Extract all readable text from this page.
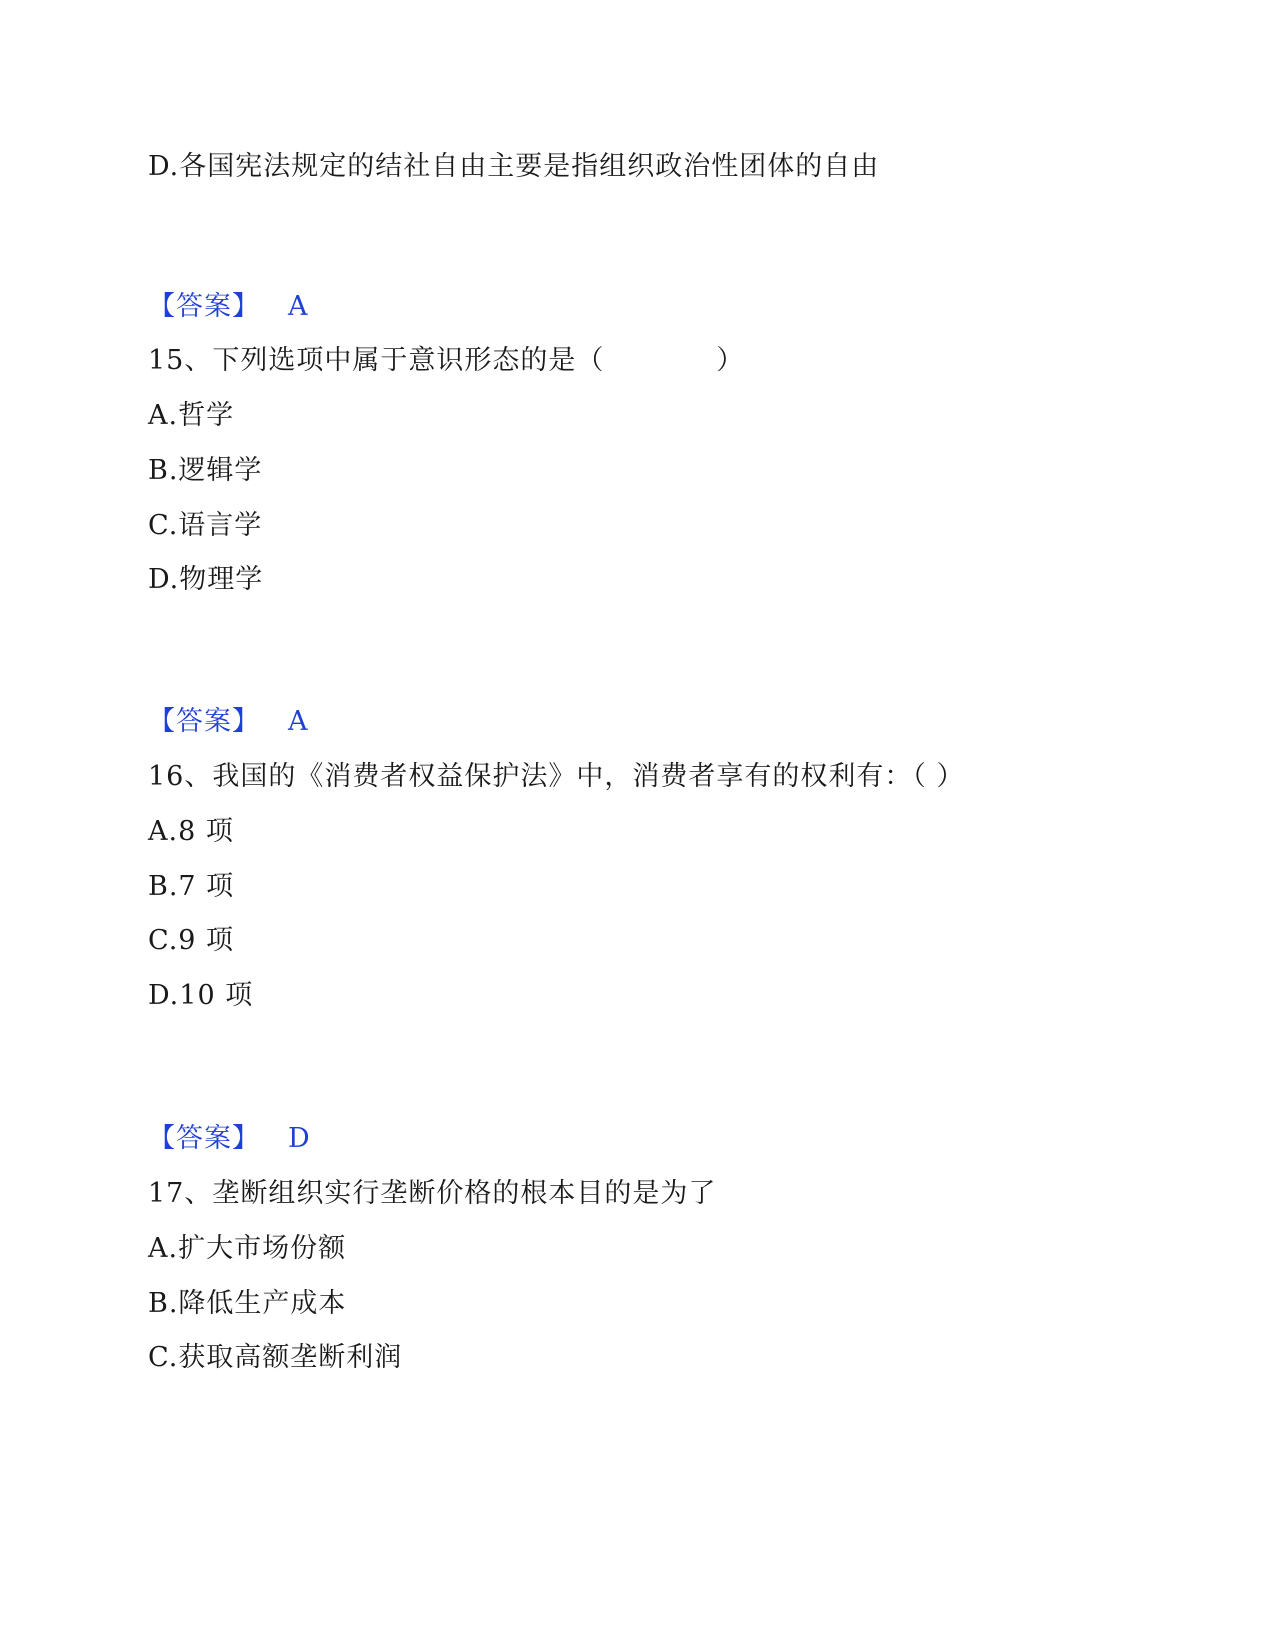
D.各国宪法规定的结社自由主要是指组织政治性团体的自由
【答案】 A
15、下列选项中属于意识形态的是（　　　　）
A.哲学
B.逻辑学
C.语言学
D.物理学
【答案】 A
16、我国的《消费者权益保护法》中，消费者享有的权利有：（ ）
A.8 项
B.7 项
C.9 项
D.10 项
【答案】 D
17、垄断组织实行垄断价格的根本目的是为了
A.扩大市场份额
B.降低生产成本
C.获取高额垄断利润
